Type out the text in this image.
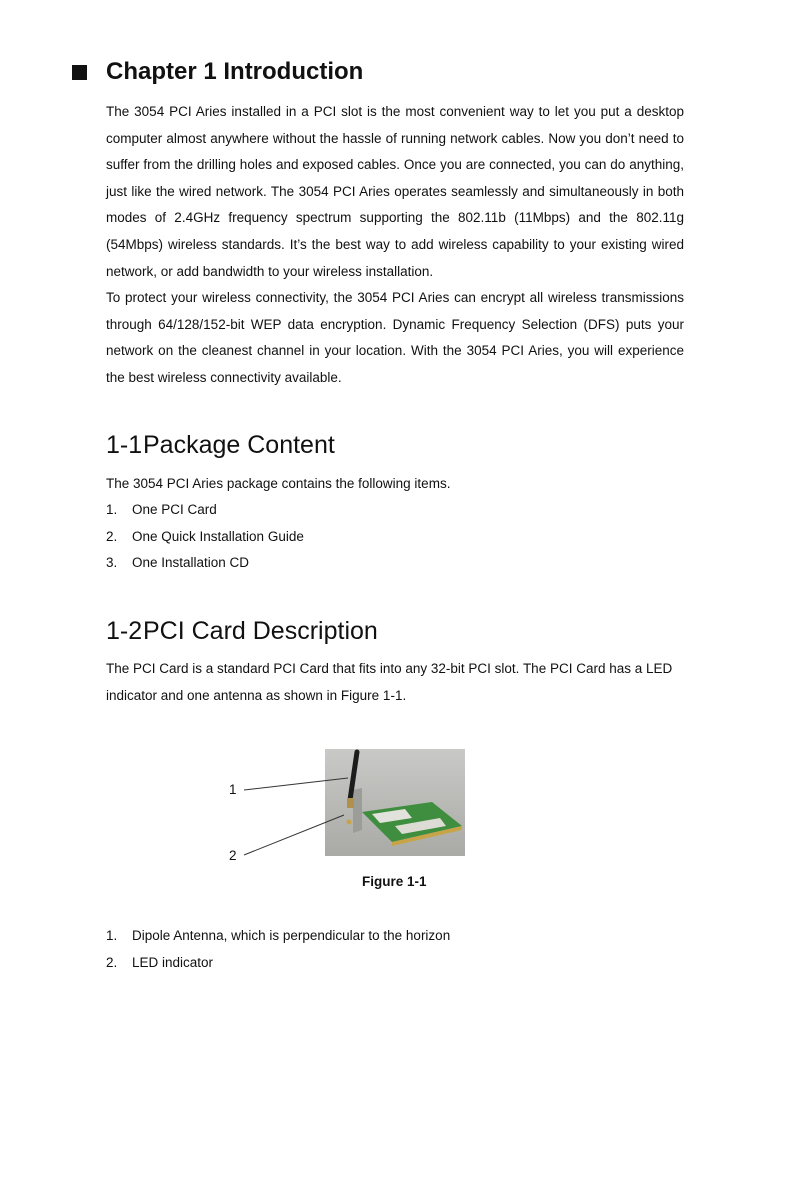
Chapter 1 Introduction

The 3054 PCI Aries installed in a PCI slot is the most convenient way to let you put a desktop computer almost anywhere without the hassle of running network cables. Now you don’t need to suffer from the drilling holes and exposed cables. Once you are connected, you can do anything, just like the wired network. The 3054 PCI Aries operates seamlessly and simultaneously in both modes of 2.4GHz frequency spectrum supporting the 802.11b (11Mbps) and the 802.11g (54Mbps) wireless standards. It’s the best way to add wireless capability to your existing wired network, or add bandwidth to your wireless installation.

To protect your wireless connectivity, the 3054 PCI Aries can encrypt all wireless transmissions through 64/128/152-bit WEP data encryption. Dynamic Frequency Selection (DFS) puts your network on the cleanest channel in your location. With the 3054 PCI Aries, you will experience the best wireless connectivity available.

1-1Package Content

The 3054 PCI Aries package contains the following items.

1.	One PCI Card
2.	One Quick Installation Guide
3.	One Installation CD
1-2PCI Card Description

The PCI Card is a standard PCI Card that fits into any 32-bit PCI slot. The PCI Card has a LED indicator and one antenna as shown in Figure 1-1.

1
2
Figure 1-1
1.	Dipole Antenna, which is perpendicular to the horizon
2.	LED indicator
